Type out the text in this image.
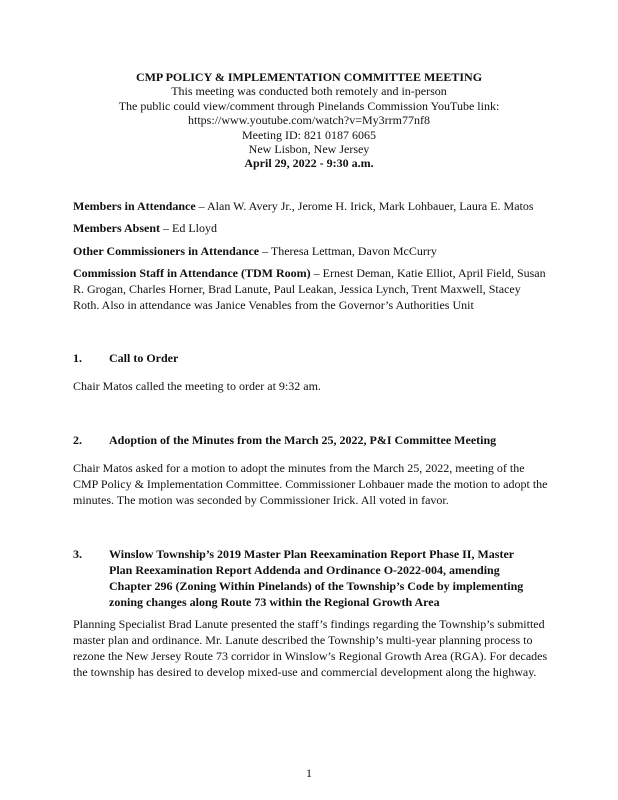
CMP POLICY & IMPLEMENTATION COMMITTEE MEETING
This meeting was conducted both remotely and in-person
The public could view/comment through Pinelands Commission YouTube link:
https://www.youtube.com/watch?v=My3rrm77nf8
Meeting ID: 821 0187 6065
New Lisbon, New Jersey
April 29, 2022 - 9:30 a.m.
Members in Attendance – Alan W. Avery Jr., Jerome H. Irick, Mark Lohbauer, Laura E. Matos
Members Absent – Ed Lloyd
Other Commissioners in Attendance – Theresa Lettman, Davon McCurry
Commission Staff in Attendance (TDM Room) – Ernest Deman, Katie Elliot, April Field, Susan R. Grogan, Charles Horner, Brad Lanute, Paul Leakan, Jessica Lynch, Trent Maxwell, Stacey Roth. Also in attendance was Janice Venables from the Governor’s Authorities Unit
1.	Call to Order
Chair Matos called the meeting to order at 9:32 am.
2.	Adoption of the Minutes from the March 25, 2022, P&I Committee Meeting
Chair Matos asked for a motion to adopt the minutes from the March 25, 2022, meeting of the CMP Policy & Implementation Committee. Commissioner Lohbauer made the motion to adopt the minutes. The motion was seconded by Commissioner Irick. All voted in favor.
3.	Winslow Township’s 2019 Master Plan Reexamination Report Phase II, Master Plan Reexamination Report Addenda and Ordinance O-2022-004, amending Chapter 296 (Zoning Within Pinelands) of the Township’s Code by implementing zoning changes along Route 73 within the Regional Growth Area
Planning Specialist Brad Lanute presented the staff’s findings regarding the Township’s submitted master plan and ordinance. Mr. Lanute described the Township’s multi-year planning process to rezone the New Jersey Route 73 corridor in Winslow’s Regional Growth Area (RGA). For decades the township has desired to develop mixed-use and commercial development along the highway.
1
